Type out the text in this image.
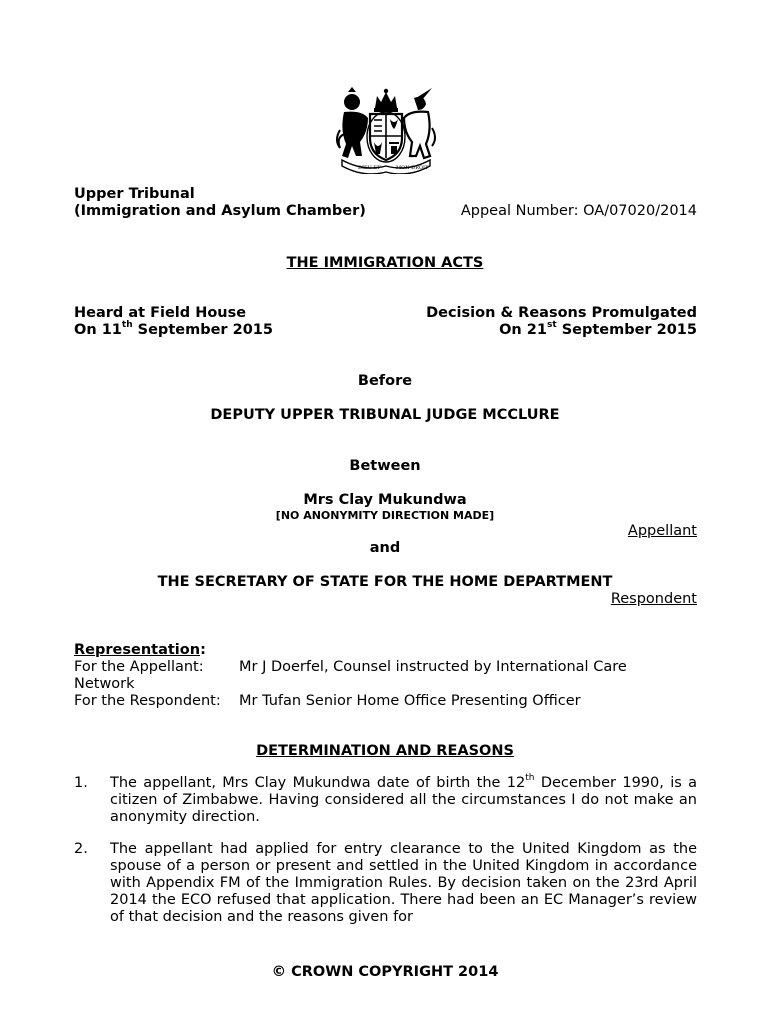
DIEU ET	MON DROIT
Upper Tribunal
(Immigration and Asylum Chamber)	Appeal Number: OA/07020/2014
THE IMMIGRATION ACTS
Heard at Field House
On 11th September 2015
Decision & Reasons Promulgated
On 21st September 2015
Before
DEPUTY UPPER TRIBUNAL JUDGE MCCLURE
Between
Mrs Clay Mukundwa
[NO ANONYMITY DIRECTION MADE]
Appellant
and
THE SECRETARY OF STATE FOR THE HOME DEPARTMENT
Respondent
Representation:
For the Appellant: Mr J Doerfel, Counsel instructed by International Care
Network
For the Respondent: Mr Tufan Senior Home Office Presenting Officer
DETERMINATION AND REASONS
1. The appellant, Mrs Clay Mukundwa date of birth the 12th December 1990, is a citizen of Zimbabwe. Having considered all the circumstances I do not make an anonymity direction.
2. The appellant had applied for entry clearance to the United Kingdom as the spouse of a person or present and settled in the United Kingdom in accordance with Appendix FM of the Immigration Rules. By decision taken on the 23rd April 2014 the ECO refused that application. There had been an EC Manager’s review of that decision and the reasons given for
© CROWN COPYRIGHT 2014
